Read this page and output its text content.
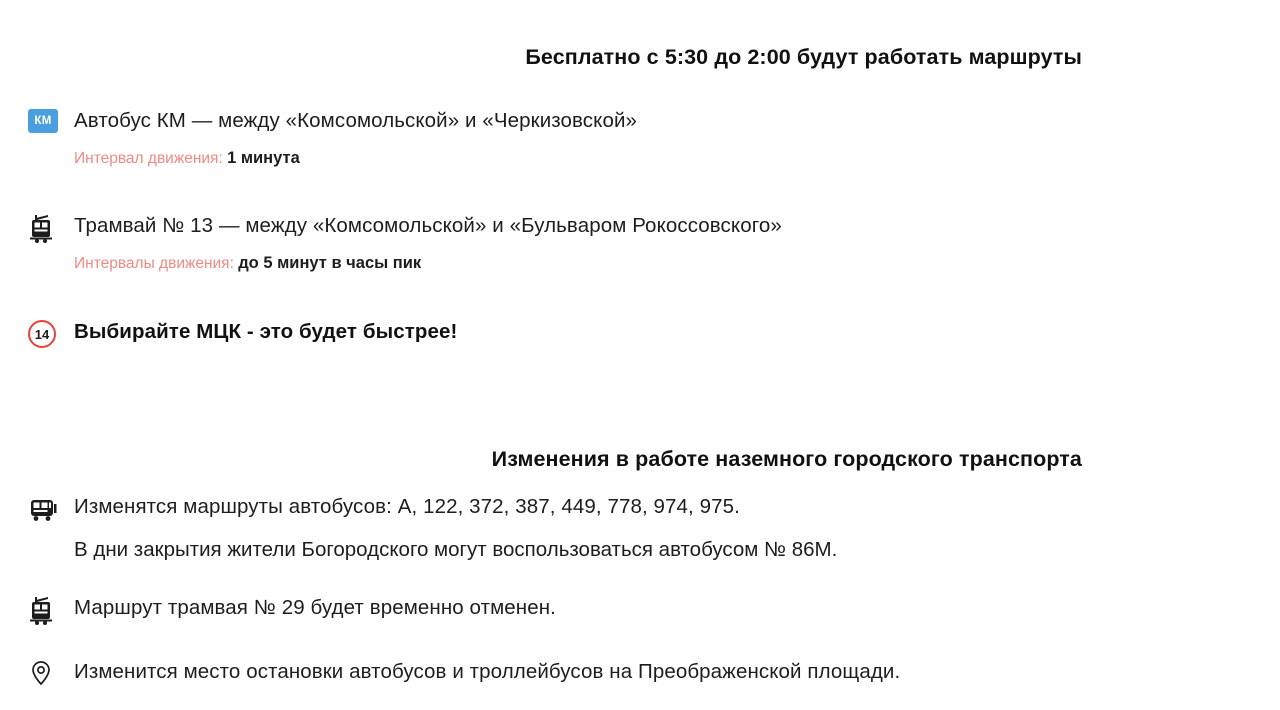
Бесплатно с 5:30 до 2:00 будут работать маршруты
КМ	Автобус КМ — между «Комсомольской» и «Черкизовской»
Интервал движения: 1 минута
Трамвай № 13 — между «Комсомольской» и «Бульваром Рокоссовского»
Интервалы движения: до 5 минут в часы пик
14	Выбирайте МЦК - это будет быстрее!
Изменения в работе наземного городского транспорта
Изменятся маршруты автобусов: А, 122, 372, 387, 449, 778, 974, 975.
В дни закрытия жители Богородского могут воспользоваться автобусом № 86М.
Маршрут трамвая № 29 будет временно отменен.
Изменится место остановки автобусов и троллейбусов на Преображенской площади.
